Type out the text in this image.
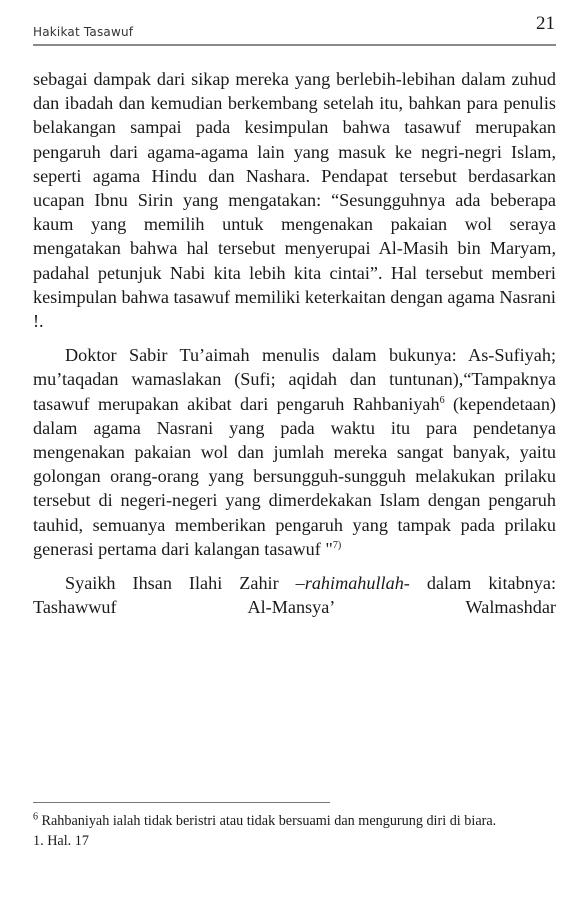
Hakikat Tasawuf	21

sebagai dampak dari sikap mereka yang berlebih-lebihan dalam zuhud dan ibadah dan kemudian berkembang setelah itu, bahkan para penulis belakangan sampai pada kesimpulan bahwa tasawuf merupakan pengaruh dari agama-agama lain yang masuk ke negri-negri Islam, seperti agama Hindu dan Nashara. Pendapat tersebut berdasarkan ucapan Ibnu Sirin yang mengatakan: “Sesungguhnya ada beberapa kaum yang memilih untuk mengenakan pakaian wol seraya mengatakan bahwa hal tersebut menyerupai Al-Masih bin Maryam, padahal petunjuk Nabi kita lebih kita cintai”. Hal tersebut memberi kesimpulan bahwa tasawuf memiliki keterkaitan dengan agama Nasrani !.

Doktor Sabir Tu’aimah menulis dalam bukunya: As-Sufiyah; mu’taqadan wamaslakan (Sufi; aqidah dan tuntunan),“Tampaknya tasawuf merupakan akibat dari pengaruh Rahbaniyah$^6$ (kependetaan) dalam agama Nasrani yang pada waktu itu para pendetanya mengenakan pakaian wol dan jumlah mereka sangat banyak, yaitu golongan orang-orang yang bersungguh-sungguh melakukan prilaku tersebut di negeri-negeri yang dimerdekakan Islam dengan pengaruh tauhid, semuanya memberikan pengaruh yang tampak pada prilaku generasi pertama dari kalangan tasawuf "$^{7)}$

Syaikh Ihsan Ilahi Zahir –rahimahullah- dalam kitabnya: Tashawwuf Al-Mansya’ Walmashdar

$^6$ Rahbaniyah ialah tidak beristri atau tidak bersuami dan mengurung diri di biara.
1. Hal. 17
